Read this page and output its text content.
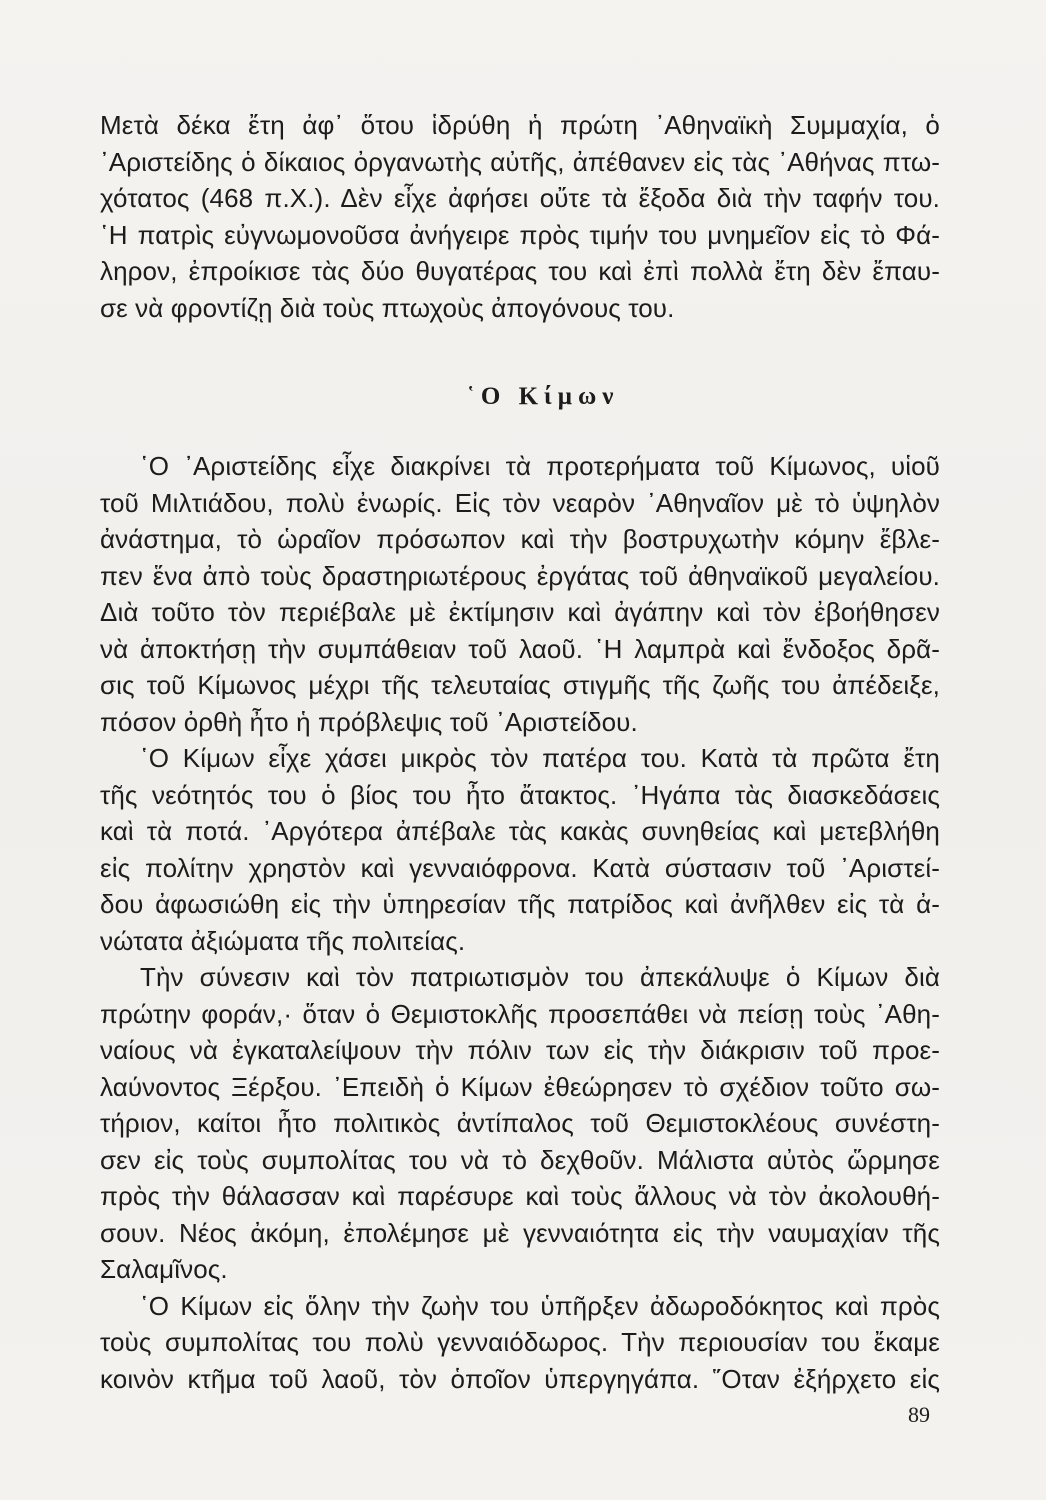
Μετὰ δέκα ἔτη ἀφ᾽ ὅτου ἱδρύθη ἡ πρώτη ᾽Αθηναϊκὴ Συμμαχία, ὁ
᾽Αριστείδης ὁ δίκαιος ὀργανωτὴς αὐτῆς, ἀπέθανεν εἰς τὰς ᾽Αθήνας πτω-
χότατος (468 π.Χ.). Δὲν εἶχε ἀφήσει οὔτε τὰ ἔξοδα διὰ τὴν ταφήν του.
῾Η πατρὶς εὐγνωμονοῦσα ἀνήγειρε πρὸς τιμήν του μνημεῖον εἰς τὸ Φά-
ληρον, ἐπροίκισε τὰς δύο θυγατέρας του καὶ ἐπὶ πολλὰ ἔτη δὲν ἔπαυ-
σε νὰ φροντίζῃ διὰ τοὺς πτωχοὺς ἀπογόνους του.

῾Ο Κίμων

῾Ο ᾽Αριστείδης εἶχε διακρίνει τὰ προτερήματα τοῦ Κίμωνος, υἱοῦ
τοῦ Μιλτιάδου, πολὺ ἐνωρίς. Εἰς τὸν νεαρὸν ᾽Αθηναῖον μὲ τὸ ὑψηλὸν
ἀνάστημα, τὸ ὡραῖον πρόσωπον καὶ τὴν βοστρυχωτὴν κόμην ἔβλε-
πεν ἕνα ἀπὸ τοὺς δραστηριωτέρους ἐργάτας τοῦ ἀθηναϊκοῦ μεγαλείου.
Διὰ τοῦτο τὸν περιέβαλε μὲ ἐκτίμησιν καὶ ἀγάπην καὶ τὸν ἐβοήθησεν
νὰ ἀποκτήσῃ τὴν συμπάθειαν τοῦ λαοῦ. ῾Η λαμπρὰ καὶ ἔνδοξος δρᾶ-
σις τοῦ Κίμωνος μέχρι τῆς τελευταίας στιγμῆς τῆς ζωῆς του ἀπέδειξε,
πόσον ὀρθὴ ἦτο ἡ πρόβλεψις τοῦ ᾽Αριστείδου.

῾Ο Κίμων εἶχε χάσει μικρὸς τὸν πατέρα του. Κατὰ τὰ πρῶτα ἔτη
τῆς νεότητός του ὁ βίος του ἦτο ἄτακτος. ᾽Ηγάπα τὰς διασκεδάσεις
καὶ τὰ ποτά. ᾽Αργότερα ἀπέβαλε τὰς κακὰς συνηθείας καὶ μετεβλήθη
εἰς πολίτην χρηστὸν καὶ γενναιόφρονα. Κατὰ σύστασιν τοῦ ᾽Αριστεί-
δου ἀφωσιώθη εἰς τὴν ὑπηρεσίαν τῆς πατρίδος καὶ ἀνῆλθεν εἰς τὰ ἀ-
νώτατα ἀξιώματα τῆς πολιτείας.

Τὴν σύνεσιν καὶ τὸν πατριωτισμὸν του ἀπεκάλυψε ὁ Κίμων διὰ
πρώτην φοράν,· ὅταν ὁ Θεμιστοκλῆς προσεπάθει νὰ πείσῃ τοὺς ᾽Αθη-
ναίους νὰ ἐγκαταλείψουν τὴν πόλιν των εἰς τὴν διάκρισιν τοῦ προε-
λαύνοντος Ξέρξου. ᾽Επειδὴ ὁ Κίμων ἐθεώρησεν τὸ σχέδιον τοῦτο σω-
τήριον, καίτοι ἦτο πολιτικὸς ἀντίπαλος τοῦ Θεμιστοκλέους συνέστη-
σεν εἰς τοὺς συμπολίτας του νὰ τὸ δεχθοῦν. Μάλιστα αὐτὸς ὥρμησε
πρὸς τὴν θάλασσαν καὶ παρέσυρε καὶ τοὺς ἄλλους νὰ τὸν ἀκολουθή-
σουν. Νέος ἀκόμη, ἐπολέμησε μὲ γενναιότητα εἰς τὴν ναυμαχίαν τῆς
Σαλαμῖνος.

῾Ο Κίμων εἰς ὅλην τὴν ζωὴν του ὑπῆρξεν ἀδωροδόκητος καὶ πρὸς
τοὺς συμπολίτας του πολὺ γενναιόδωρος. Τὴν περιουσίαν του ἔκαμε
κοινὸν κτῆμα τοῦ λαοῦ, τὸν ὁποῖον ὑπεργηγάπα. ῞Οταν ἐξήρχετο εἰς

89
